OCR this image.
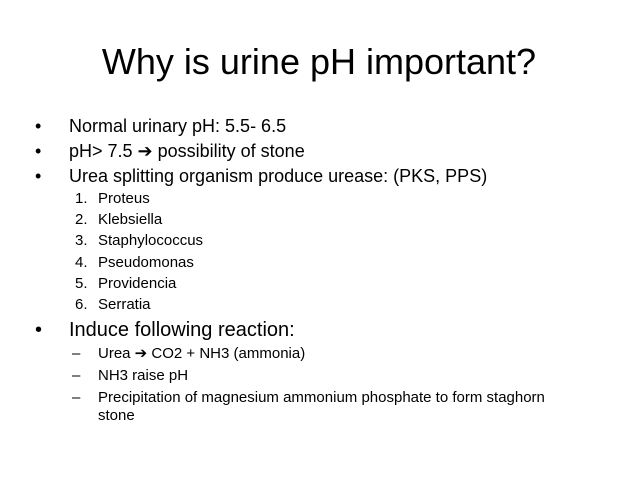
Why is urine pH important?
• Normal urinary pH: 5.5- 6.5
• pH> 7.5 ➔ possibility of stone
• Urea splitting organism produce urease: (PKS, PPS)
1. Proteus
2. Klebsiella
3. Staphylococcus
4. Pseudomonas
5. Providencia
6. Serratia
• Induce following reaction:
– Urea ➔ CO2 + NH3 (ammonia)
– NH3 raise pH
– Precipitation of magnesium ammonium phosphate to form staghorn stone
